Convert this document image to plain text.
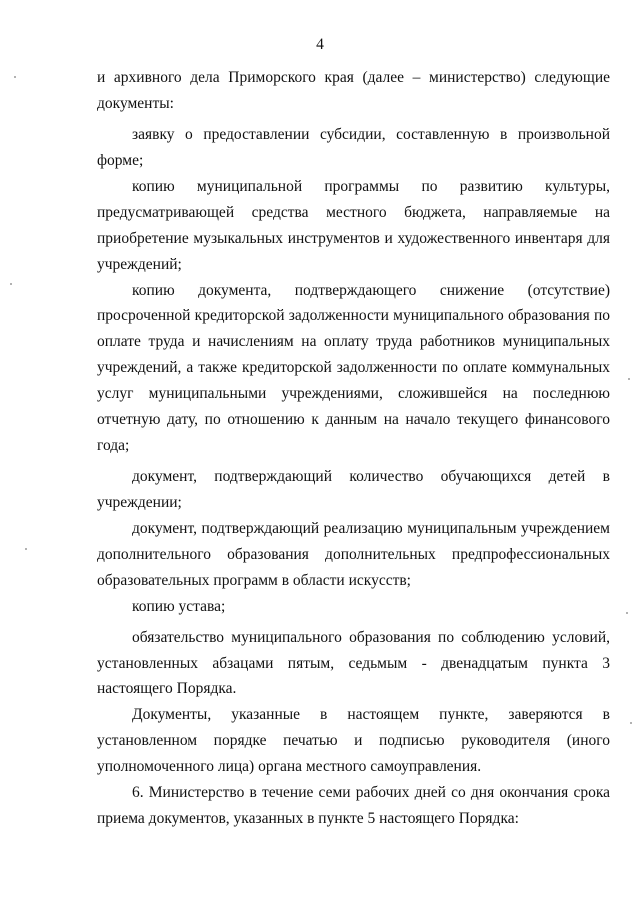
4
и архивного дела Приморского края (далее – министерство) следующие
документы:
заявку о предоставлении субсидии, составленную в произвольной
форме;
копию муниципальной программы по развитию культуры,
предусматривающей средства местного бюджета, направляемые на
приобретение музыкальных инструментов и художественного инвентаря для
учреждений;
копию документа, подтверждающего снижение (отсутствие)
просроченной кредиторской задолженности муниципального образования по
оплате труда и начислениям на оплату труда работников муниципальных
учреждений, а также кредиторской задолженности по оплате коммунальных
услуг муниципальными учреждениями, сложившейся на последнюю
отчетную дату, по отношению к данным на начало текущего финансового
года;
документ, подтверждающий количество обучающихся детей в
учреждении;
документ, подтверждающий реализацию муниципальным учреждением
дополнительного образования дополнительных предпрофессиональных
образовательных программ в области искусств;
копию устава;
обязательство муниципального образования по соблюдению условий,
установленных абзацами пятым, седьмым - двенадцатым пункта 3
настоящего Порядка.
Документы, указанные в настоящем пункте, заверяются в
установленном порядке печатью и подписью руководителя (иного
уполномоченного лица) органа местного самоуправления.
6. Министерство в течение семи рабочих дней со дня окончания срока
приема документов, указанных в пункте 5 настоящего Порядка:
